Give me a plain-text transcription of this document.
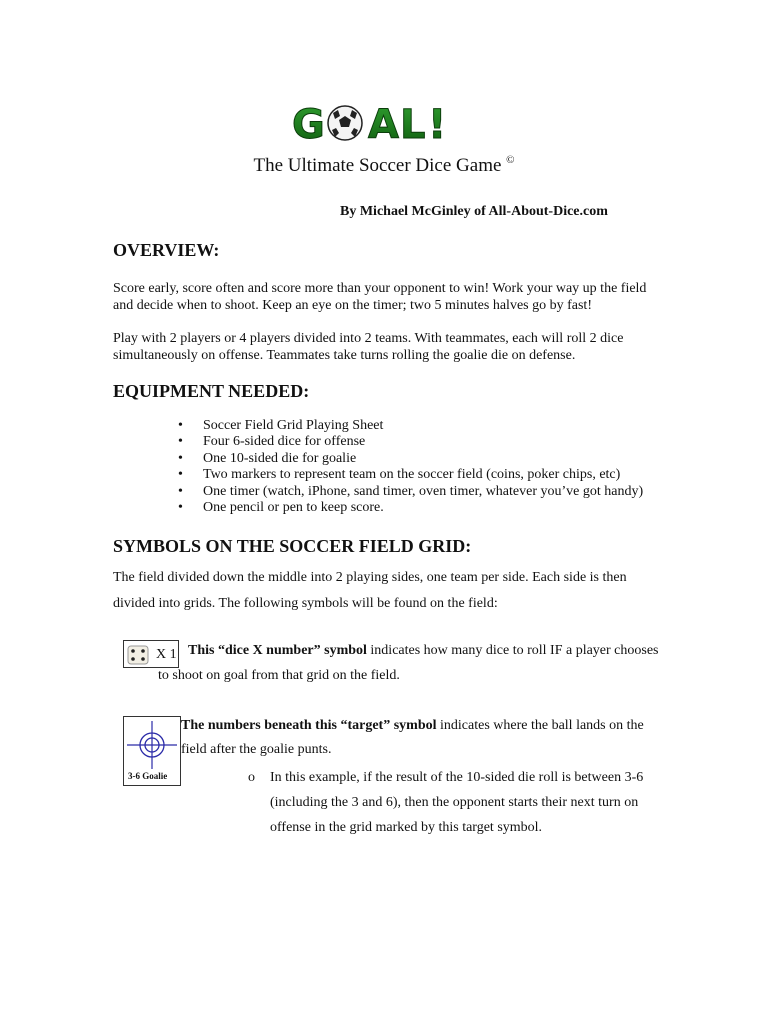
G A L !
The Ultimate Soccer Dice Game ©
By Michael McGinley of All-About-Dice.com
OVERVIEW:

Score early, score often and score more than your opponent to win! Work your way up the field and decide when to shoot. Keep an eye on the timer; two 5 minutes halves go by fast!

Play with 2 players or 4 players divided into 2 teams. With teammates, each will roll 2 dice simultaneously on offense. Teammates take turns rolling the goalie die on defense.

EQUIPMENT NEEDED:
• Soccer Field Grid Playing Sheet
• Four 6-sided dice for offense
• One 10-sided die for goalie
• Two markers to represent team on the soccer field (coins, poker chips, etc)
• One timer (watch, iPhone, sand timer, oven timer, whatever you’ve got handy)
• One pencil or pen to keep score.
SYMBOLS ON THE SOCCER FIELD GRID:

The field divided down the middle into 2 playing sides, one team per side. Each side is then divided into grids. The following symbols will be found on the field:

X 1 This “dice X number” symbol indicates how many dice to roll IF a player chooses
to shoot on goal from that grid on the field.
3-6 Goalie
The numbers beneath this “target” symbol indicates where the ball lands on the
field after the goalie punts.
o In this example, if the result of the 10-sided die roll is between 3-6 (including the 3 and 6), then the opponent starts their next turn on offense in the grid marked by this target symbol.
